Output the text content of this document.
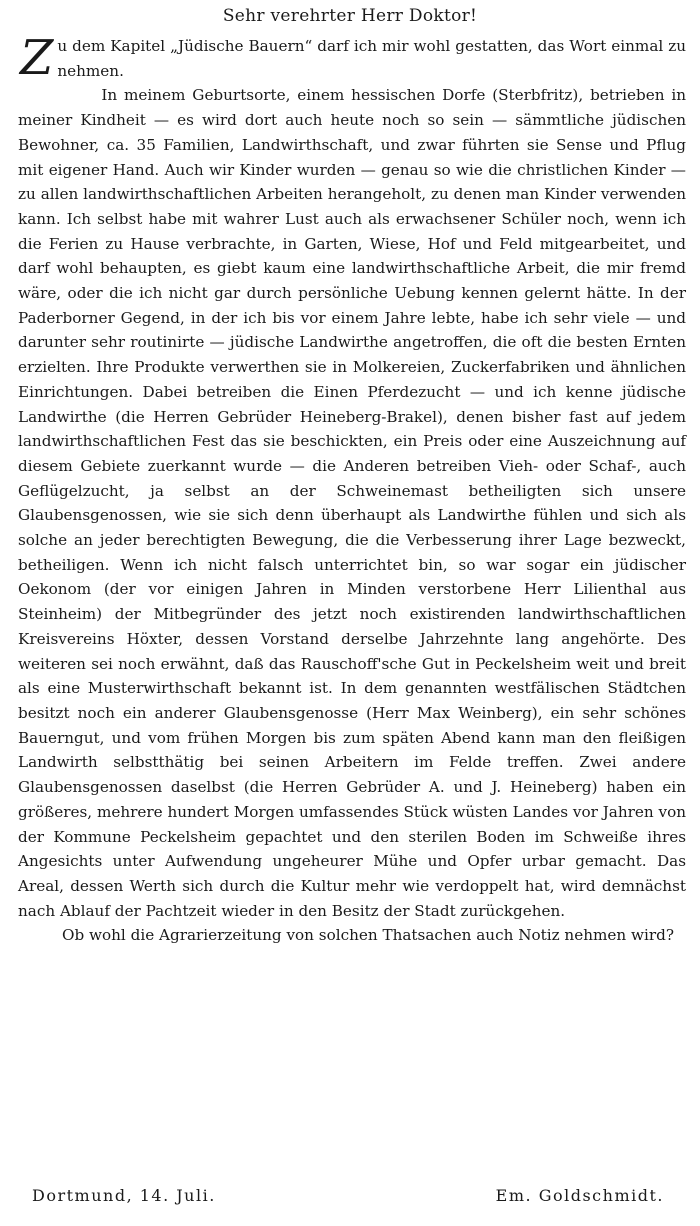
Sehr verehrter Herr Doktor!

Zu dem Kapitel „Jüdische Bauern“ darf ich mir wohl gestatten, das Wort einmal zu nehmen.

In meinem Geburtsorte, einem hessischen Dorfe (Sterbfritz), betrieben in meiner Kindheit — es wird dort auch heute noch so sein — sämmtliche jüdischen Bewohner, ca. 35 Familien, Landwirthschaft, und zwar führten sie Sense und Pflug mit eigener Hand. Auch wir Kinder wurden — genau so wie die christlichen Kinder — zu allen landwirthschaftlichen Arbeiten herangeholt, zu denen man Kinder verwenden kann. Ich selbst habe mit wahrer Lust auch als erwachsener Schüler noch, wenn ich die Ferien zu Hause verbrachte, in Garten, Wiese, Hof und Feld mitgearbeitet, und darf wohl behaupten, es giebt kaum eine landwirthschaftliche Arbeit, die mir fremd wäre, oder die ich nicht gar durch persönliche Uebung kennen gelernt hätte. In der Paderborner Gegend, in der ich bis vor einem Jahre lebte, habe ich sehr viele — und darunter sehr routinirte — jüdische Landwirthe angetroffen, die oft die besten Ernten erzielten. Ihre Produkte verwerthen sie in Molkereien, Zuckerfabriken und ähnlichen Einrichtungen. Dabei betreiben die Einen Pferdezucht — und ich kenne jüdische Landwirthe (die Herren Gebrüder Heineberg-Brakel), denen bisher fast auf jedem landwirthschaftlichen Fest das sie beschickten, ein Preis oder eine Auszeichnung auf diesem Gebiete zuerkannt wurde — die Anderen betreiben Vieh- oder Schaf-, auch Geflügelzucht, ja selbst an der Schweinemast betheiligten sich unsere Glaubensgenossen, wie sie sich denn überhaupt als Landwirthe fühlen und sich als solche an jeder berechtigten Bewegung, die die Verbesserung ihrer Lage bezweckt, betheiligen. Wenn ich nicht falsch unterrichtet bin, so war sogar ein jüdischer Oekonom (der vor einigen Jahren in Minden verstorbene Herr Lilienthal aus Steinheim) der Mitbegründer des jetzt noch existirenden landwirthschaftlichen Kreisvereins Höxter, dessen Vorstand derselbe Jahrzehnte lang angehörte. Des weiteren sei noch erwähnt, daß das Rauschoff'sche Gut in Peckelsheim weit und breit als eine Musterwirthschaft bekannt ist. In dem genannten westfälischen Städtchen besitzt noch ein anderer Glaubensgenosse (Herr Max Weinberg), ein sehr schönes Bauerngut, und vom frühen Morgen bis zum späten Abend kann man den fleißigen Landwirth selbstthätig bei seinen Arbeitern im Felde treffen. Zwei andere Glaubensgenossen daselbst (die Herren Gebrüder A. und J. Heineberg) haben ein größeres, mehrere hundert Morgen umfassendes Stück wüsten Landes vor Jahren von der Kommune Peckelsheim gepachtet und den sterilen Boden im Schweiße ihres Angesichts unter Aufwendung ungeheurer Mühe und Opfer urbar gemacht. Das Areal, dessen Werth sich durch die Kultur mehr wie verdoppelt hat, wird demnächst nach Ablauf der Pachtzeit wieder in den Besitz der Stadt zurückgehen.

Ob wohl die Agrarierzeitung von solchen Thatsachen auch Notiz nehmen wird?

Dortmund, 14. Juli.	Em. Goldschmidt.
